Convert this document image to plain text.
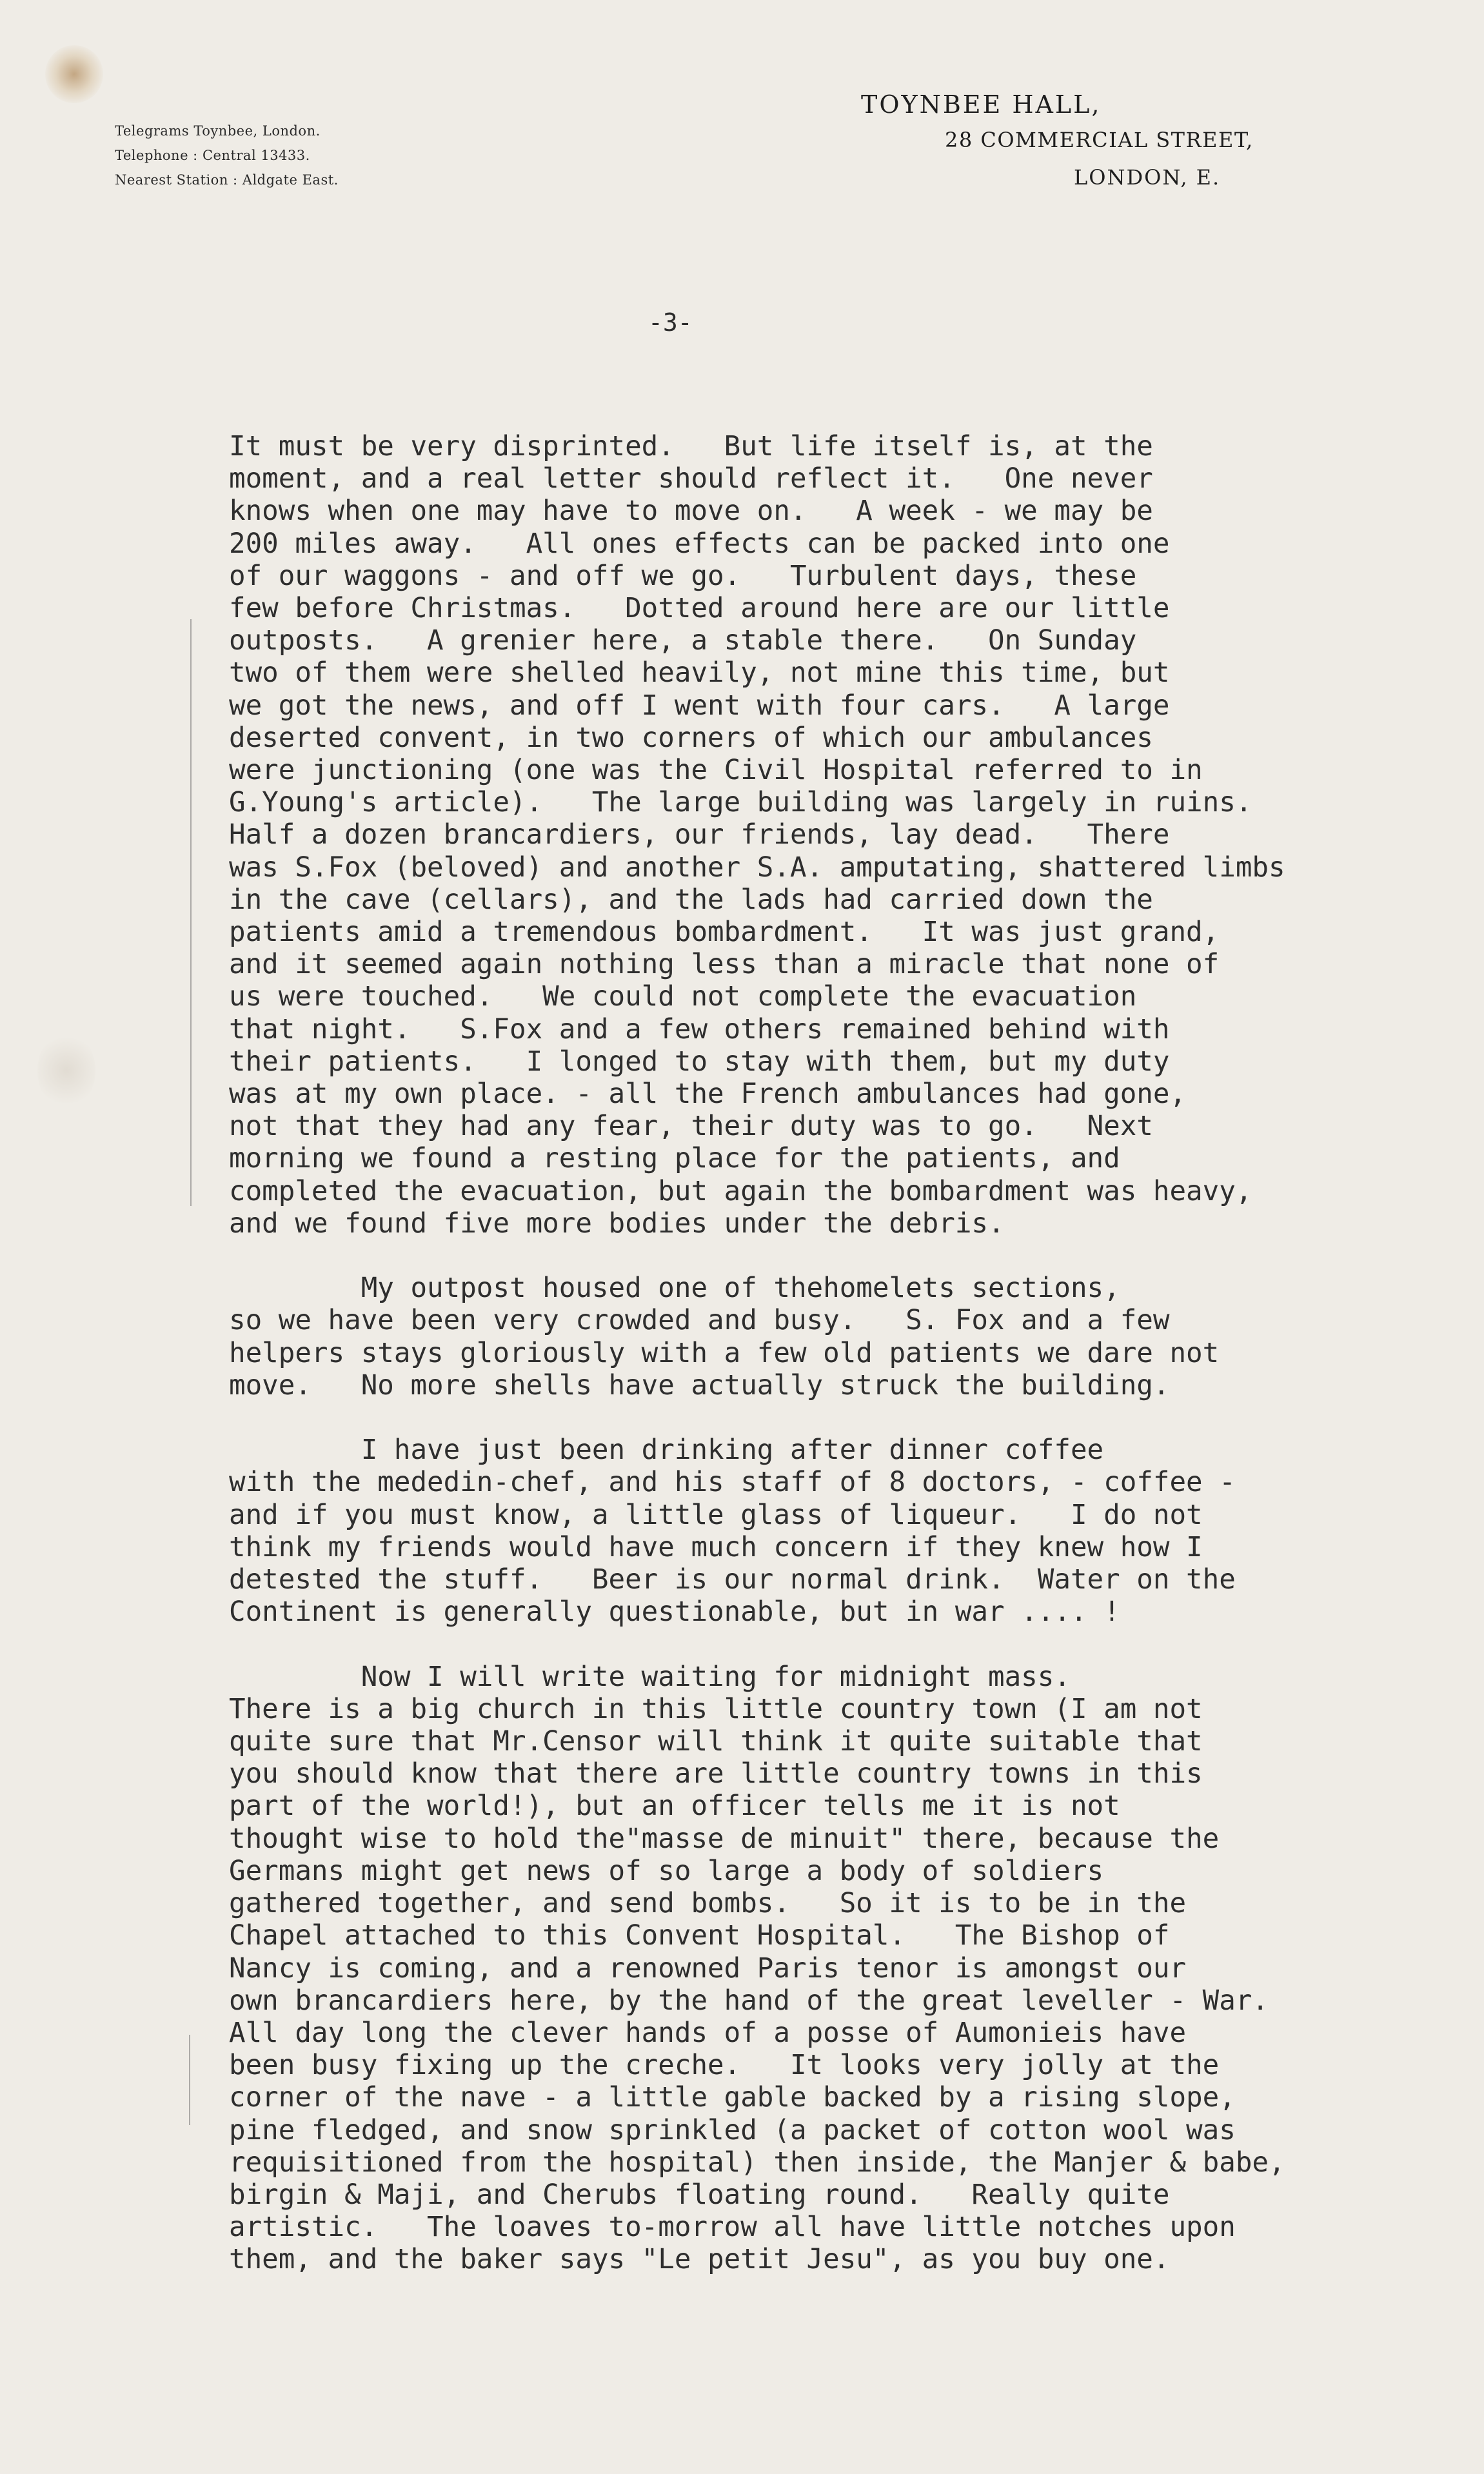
Telegrams Toynbee, London.
Telephone : Central 13433.
Nearest Station : Aldgate East.
TOYNBEE HALL,
28 COMMERCIAL STREET,
LONDON, E.
-3-
It must be very disprinted.   But life itself is, at the
moment, and a real letter should reflect it.   One never
knows when one may have to move on.   A week - we may be
200 miles away.   All ones effects can be packed into one
of our waggons - and off we go.   Turbulent days, these
few before Christmas.   Dotted around here are our little
outposts.   A grenier here, a stable there.   On Sunday
two of them were shelled heavily, not mine this time, but
we got the news, and off I went with four cars.   A large
deserted convent, in two corners of which our ambulances
were junctioning (one was the Civil Hospital referred to in
G.Young's article).   The large building was largely in ruins.
Half a dozen brancardiers, our friends, lay dead.   There
was S.Fox (beloved) and another S.A. amputating, shattered limbs
in the cave (cellars), and the lads had carried down the
patients amid a tremendous bombardment.   It was just grand,
and it seemed again nothing less than a miracle that none of
us were touched.   We could not complete the evacuation
that night.   S.Fox and a few others remained behind with
their patients.   I longed to stay with them, but my duty
was at my own place. - all the French ambulances had gone,
not that they had any fear, their duty was to go.   Next
morning we found a resting place for the patients, and
completed the evacuation, but again the bombardment was heavy,
and we found five more bodies under the debris.
My outpost housed one of thehomelets sections,
so we have been very crowded and busy.   S. Fox and a few
helpers stays gloriously with a few old patients we dare not
move.   No more shells have actually struck the building.
I have just been drinking after dinner coffee
with the mededin-chef, and his staff of 8 doctors, - coffee -
and if you must know, a little glass of liqueur.   I do not
think my friends would have much concern if they knew how I
detested the stuff.   Beer is our normal drink.  Water on the
Continent is generally questionable, but in war .... !
Now I will write waiting for midnight mass.
There is a big church in this little country town (I am not
quite sure that Mr.Censor will think it quite suitable that
you should know that there are little country towns in this
part of the world!), but an officer tells me it is not
thought wise to hold the"masse de minuit" there, because the
Germans might get news of so large a body of soldiers
gathered together, and send bombs.   So it is to be in the
Chapel attached to this Convent Hospital.   The Bishop of
Nancy is coming, and a renowned Paris tenor is amongst our
own brancardiers here, by the hand of the great leveller - War.
All day long the clever hands of a posse of Aumonieis have
been busy fixing up the creche.   It looks very jolly at the
corner of the nave - a little gable backed by a rising slope,
pine fledged, and snow sprinkled (a packet of cotton wool was
requisitioned from the hospital) then inside, the Manjer & babe,
birgin & Maji, and Cherubs floating round.   Really quite
artistic.   The loaves to-morrow all have little notches upon
them, and the baker says "Le petit Jesu", as you buy one.
